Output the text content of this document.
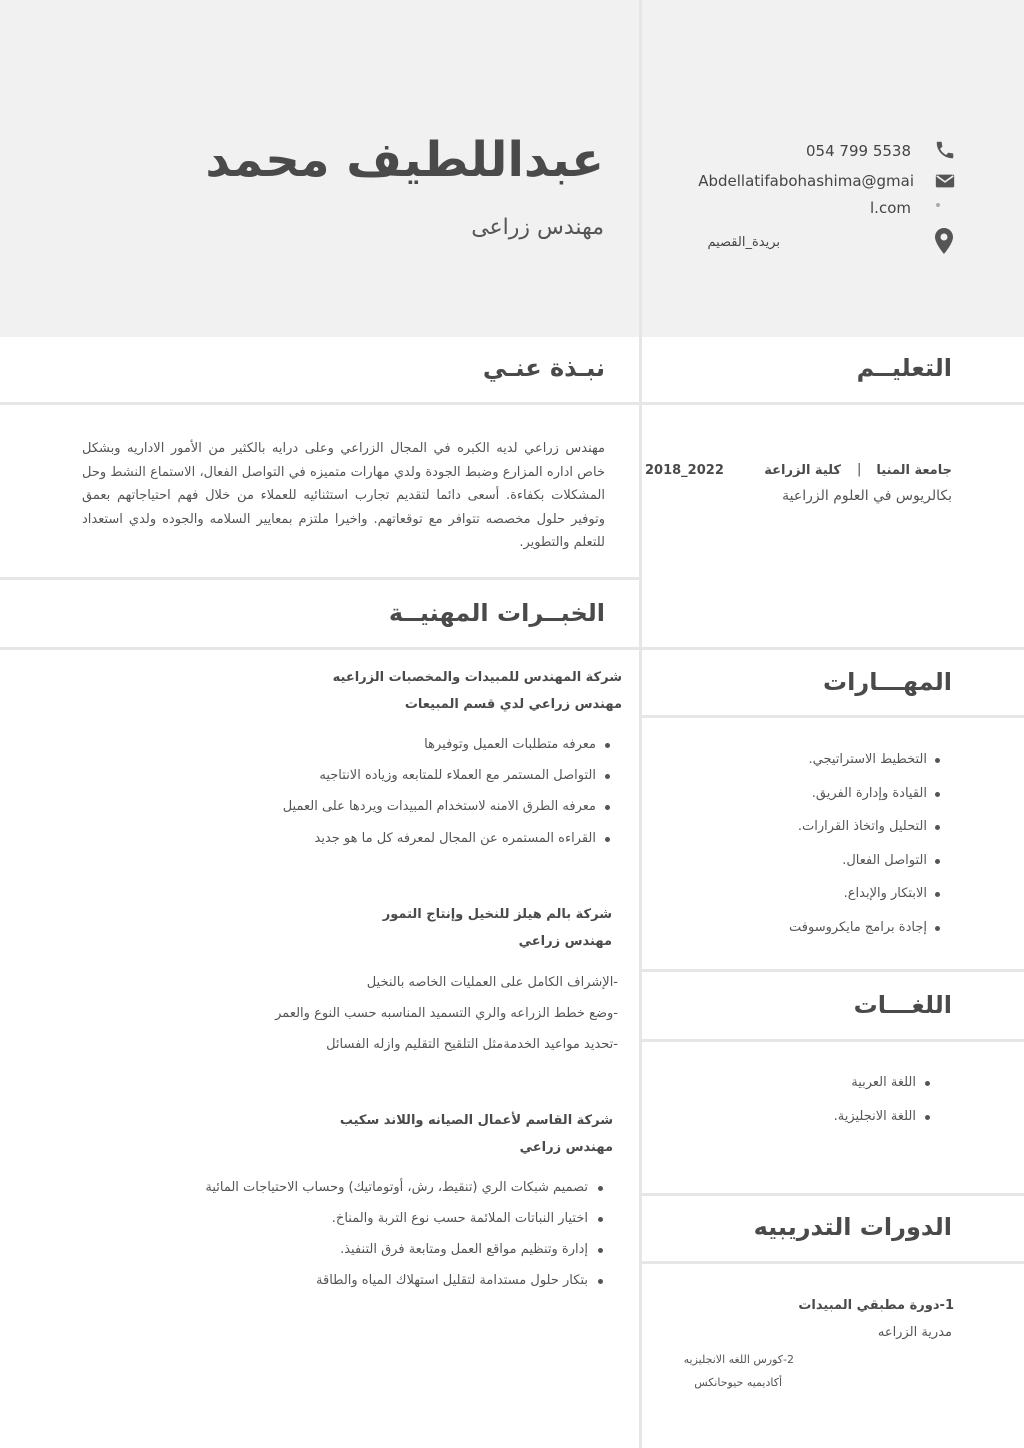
عبداللطيف محمد
مهندس زراعى
054 799 5538
Abdellatifabohashima@gmai
l.com
بريدة_القصيم
نبـذة عنـي
مهندس زراعي لديه الكبره في المجال الزراعي وعلى درايه بالكثير من الأمور الاداريه وبشكل خاص اداره المزارع وضبط الجودة ولدي مهارات متميزه في التواصل الفعال، الاستماع النشط وحل المشكلات بكفاءة. أسعى دائما لتقديم تجارب استثنائيه للعملاء من خلال فهم احتياجاتهم بعمق وتوفير حلول مخصصه تتوافر مع توقعاتهم. واخيرا ملتزم بمعايير السلامه والجوده ولدي استعداد للتعلم والتطوير.
التعليــم
جامعة المنيا
|
كلية الزراعة
2018_2022
بكالريوس في العلوم الزراعية
الخبــرات المهنيــة
شركة المهندس للمبيدات والمخصبات الزراعيه
مهندس زراعي لدي قسم المبيعات
معرفه متطلبات العميل وتوفيرها
التواصل المستمر مع العملاء للمتابعه وزياده الانتاجيه
معرفه الطرق الامنه لاستخدام المبيدات ويردها على العميل
القراءه المستمره عن المجال لمعرفه كل ما هو جديد
شركة بالم هيلز للنخيل وإنتاج التمور
مهندس زراعي
-الإشراف الكامل على العمليات الخاصه بالنخيل
-وضع خطط الزراعه والري التسميد المناسبه حسب النوع والعمر
-تحديد مواعيد الخدمةمثل التلقيح التقليم وازله الفسائل
شركة القاسم لأعمال الصيانه واللاند سكيب
مهندس زراعي
تصميم شبكات الري (تنقيط، رش، أوتوماتيك) وحساب الاحتياجات المائية
اختيار النباتات الملائمة حسب نوع التربة والمناخ.
إدارة وتنظيم مواقع العمل ومتابعة فرق التنفيذ.
بتكار حلول مستدامة لتقليل استهلاك المياه والطاقة
المهـــارات
التخطيط الاستراتيجي.
القيادة وإدارة الفريق.
التحليل واتخاذ القرارات.
التواصل الفعال.
الابتكار والإبداع.
إجادة برامج مايكروسوفت
اللغـــات
اللغة العربية
اللغة الانجليزية.
الدورات التدريبيه
1-دورة مطبقي المبيدات
مدرية الزراعه
2-كورس اللغه الانجليزيه
أكاديميه حيوحانكس
